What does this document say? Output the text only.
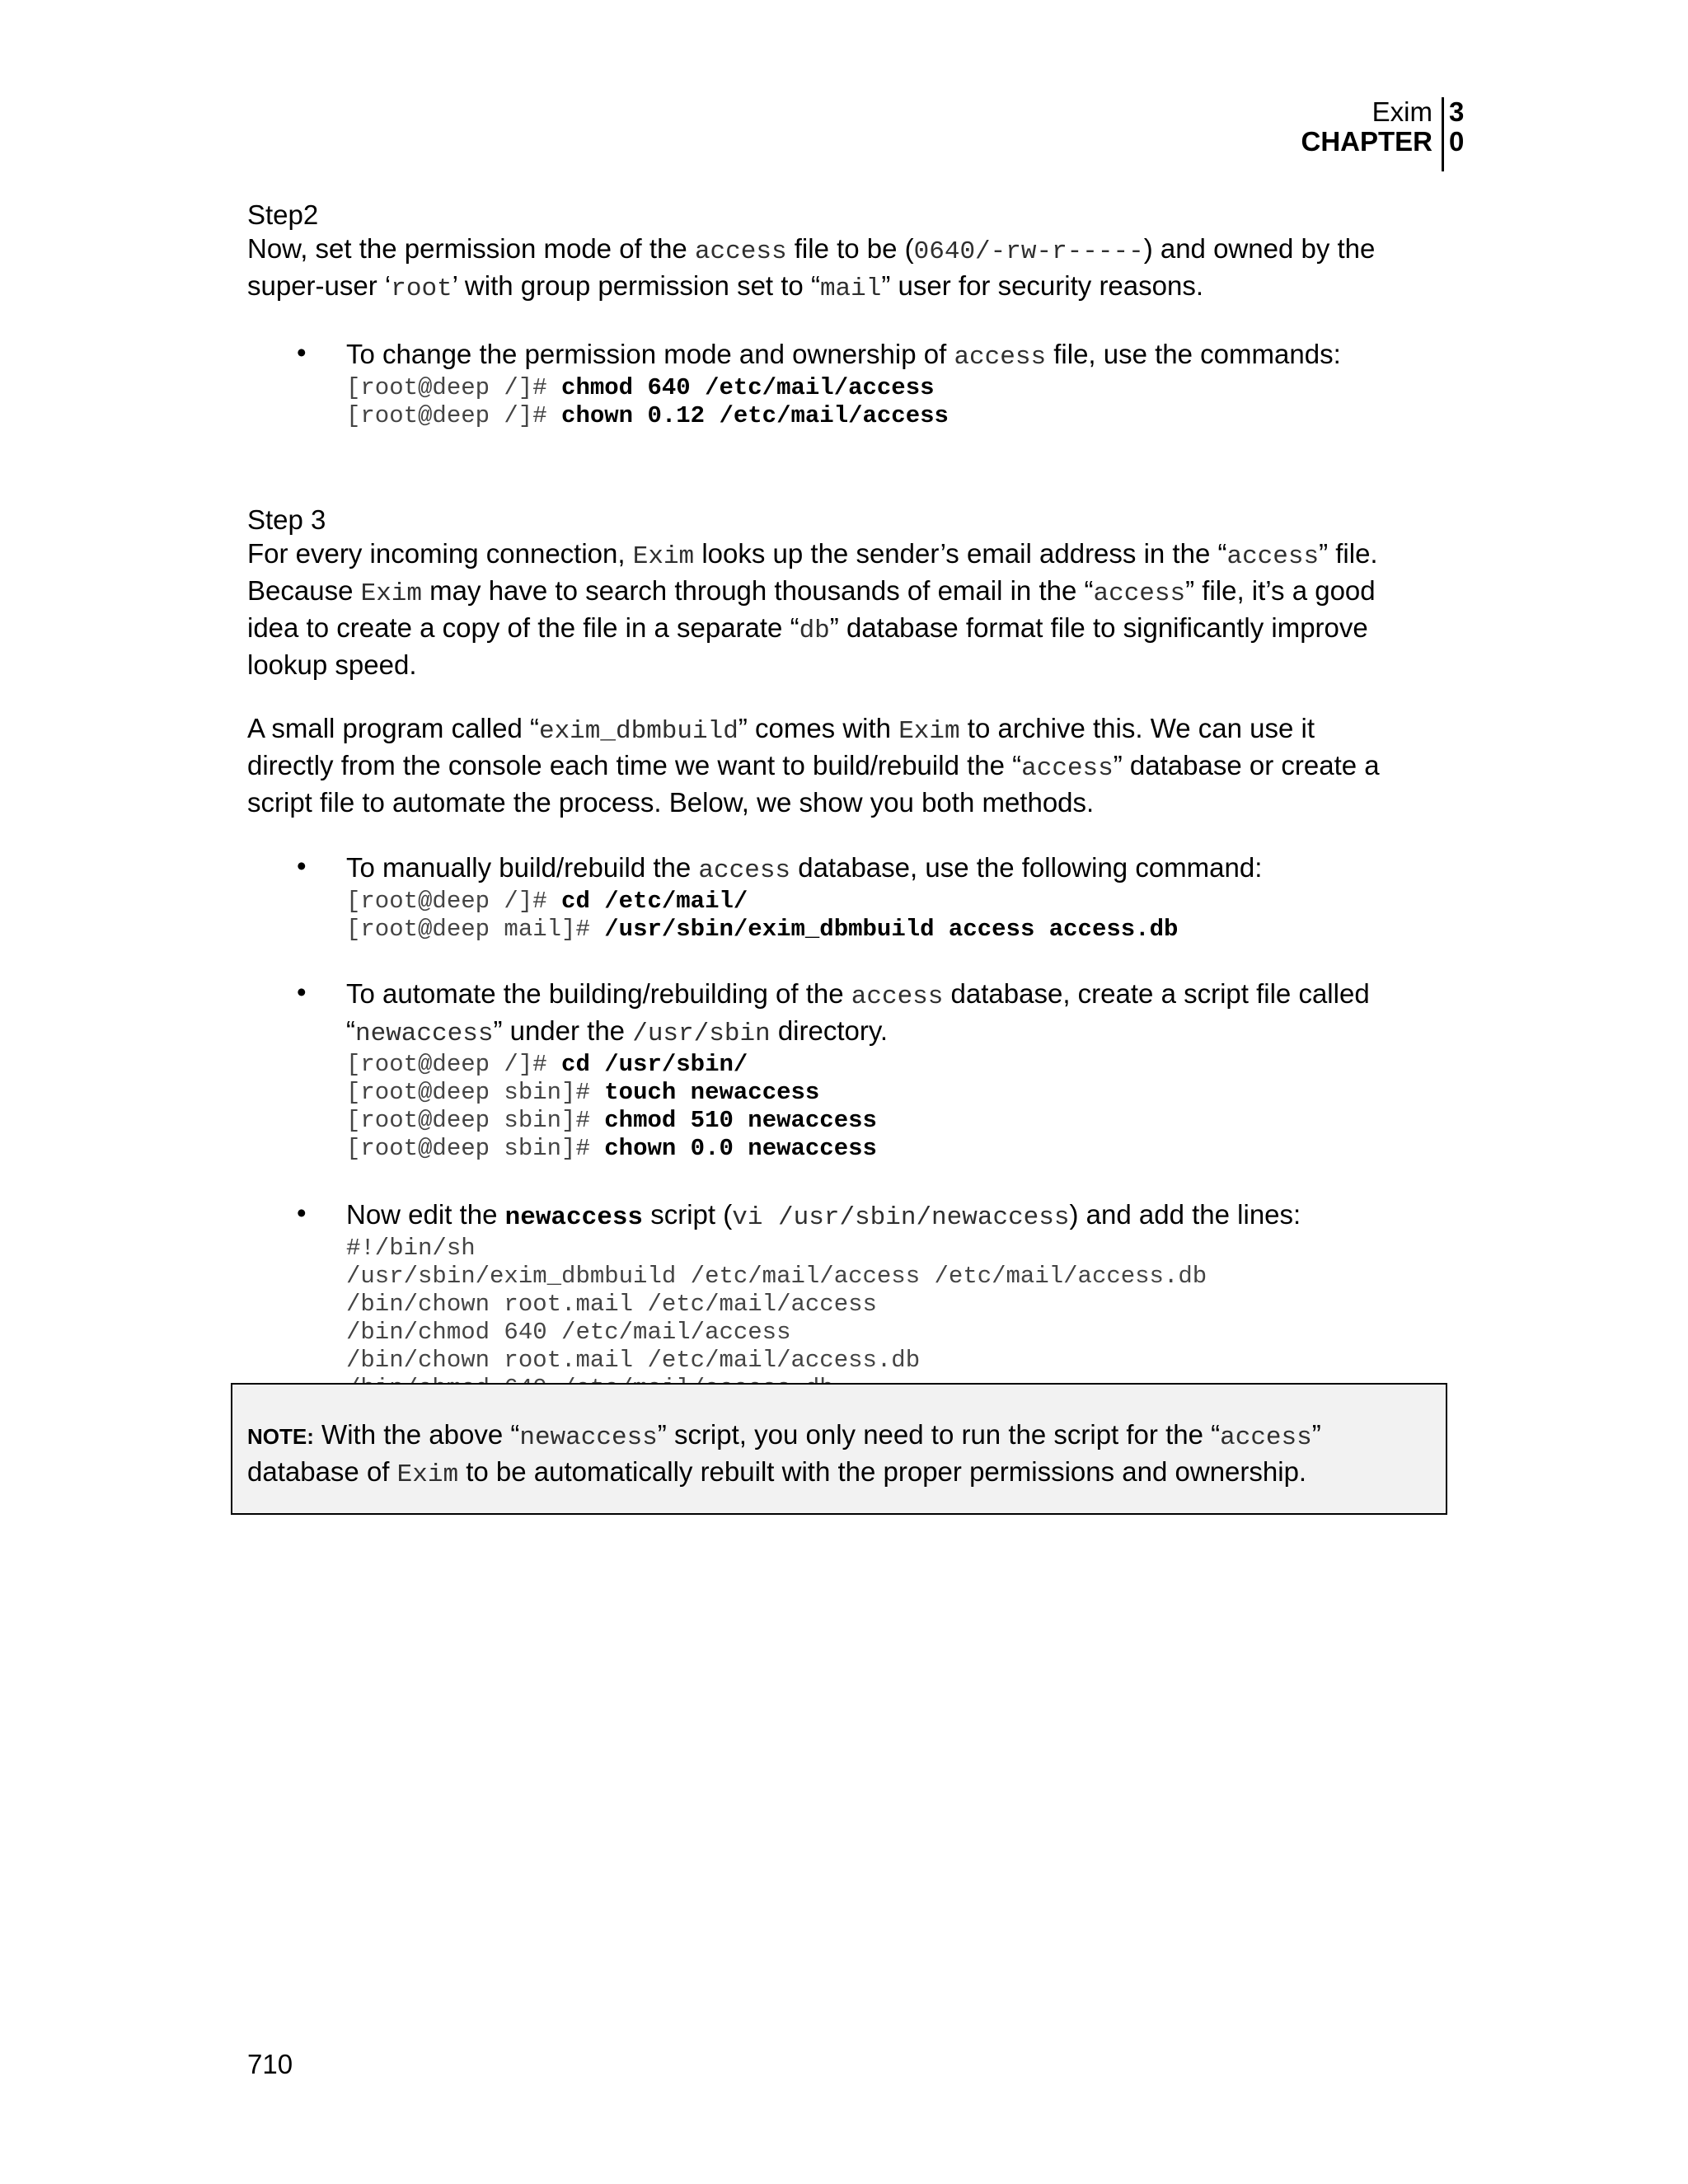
Exim
CHAPTER
3
0

Step2

Now, set the permission mode of the access file to be (0640/-rw-r-----) and owned by the

super-user ‘root’ with group permission set to “mail” user for security reasons.

• To change the permission mode and ownership of access file, use the commands:

[root@deep /]# chmod 640 /etc/mail/access
[root@deep /]# chown 0.12 /etc/mail/access

Step 3

For every incoming connection, Exim looks up the sender’s email address in the “access” file.

Because Exim may have to search through thousands of email in the “access” file, it’s a good

idea to create a copy of the file in a separate “db” database format file to significantly improve

lookup speed.

A small program called “exim_dbmbuild” comes with Exim to archive this. We can use it

directly from the console each time we want to build/rebuild the “access” database or create a

script file to automate the process. Below, we show you both methods.

• To manually build/rebuild the access database, use the following command:

[root@deep /]# cd /etc/mail/
[root@deep mail]# /usr/sbin/exim_dbmbuild access access.db
• To automate the building/rebuilding of the access database, create a script file called

“newaccess” under the /usr/sbin directory.

[root@deep /]# cd /usr/sbin/
[root@deep sbin]# touch newaccess
[root@deep sbin]# chmod 510 newaccess
[root@deep sbin]# chown 0.0 newaccess
• Now edit the newaccess script (vi /usr/sbin/newaccess) and add the lines:

#!/bin/sh
/usr/sbin/exim_dbmbuild /etc/mail/access /etc/mail/access.db
/bin/chown root.mail /etc/mail/access
/bin/chmod 640 /etc/mail/access
/bin/chown root.mail /etc/mail/access.db
NOTE: With the above “newaccess” script, you only need to run the script for the “access”
database of Exim to be automatically rebuilt with the proper permissions and ownership.
710
